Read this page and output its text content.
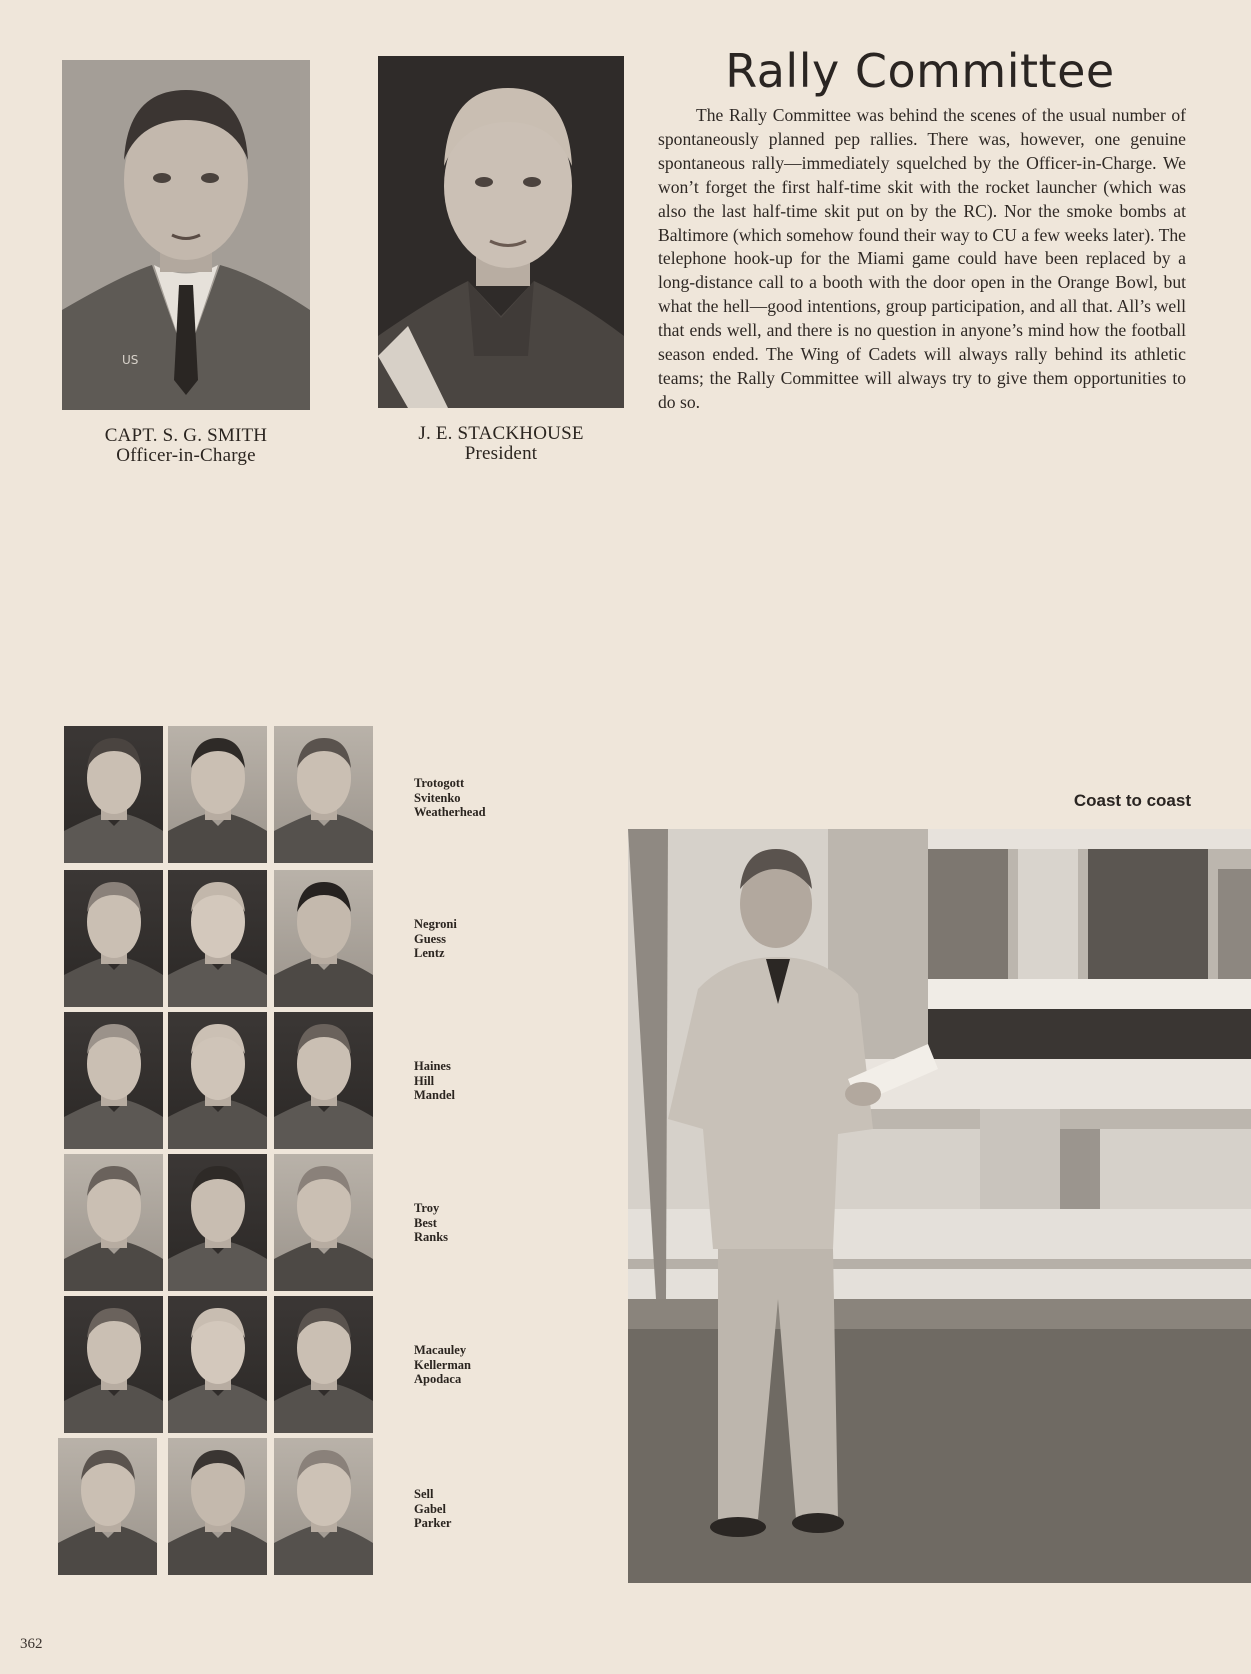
US
CAPT. S. G. SMITH
Officer-in-Charge
J. E. STACKHOUSE
President
Rally Committee
The Rally Committee was behind the scenes of the usual number of spontaneously planned pep rallies. There was, however, one genuine spontaneous rally—immediately squelched by the Officer-in-Charge. We won’t forget the first half-time skit with the rocket launcher (which was also the last half-time skit put on by the RC). Nor the smoke bombs at Baltimore (which somehow found their way to CU a few weeks later). The telephone hook-up for the Miami game could have been replaced by a long-distance call to a booth with the door open in the Orange Bowl, but what the hell—good intentions, group participation, and all that. All’s well that ends well, and there is no question in anyone’s mind how the football season ended. The Wing of Cadets will always rally behind its athletic teams; the Rally Committee will always try to give them opportunities to do so.
Trotogott
Svitenko
Weatherhead
Negroni
Guess
Lentz
Haines
Hill
Mandel
Troy
Best
Ranks
Macauley
Kellerman
Apodaca
Sell
Gabel
Parker
Coast to coast
362
